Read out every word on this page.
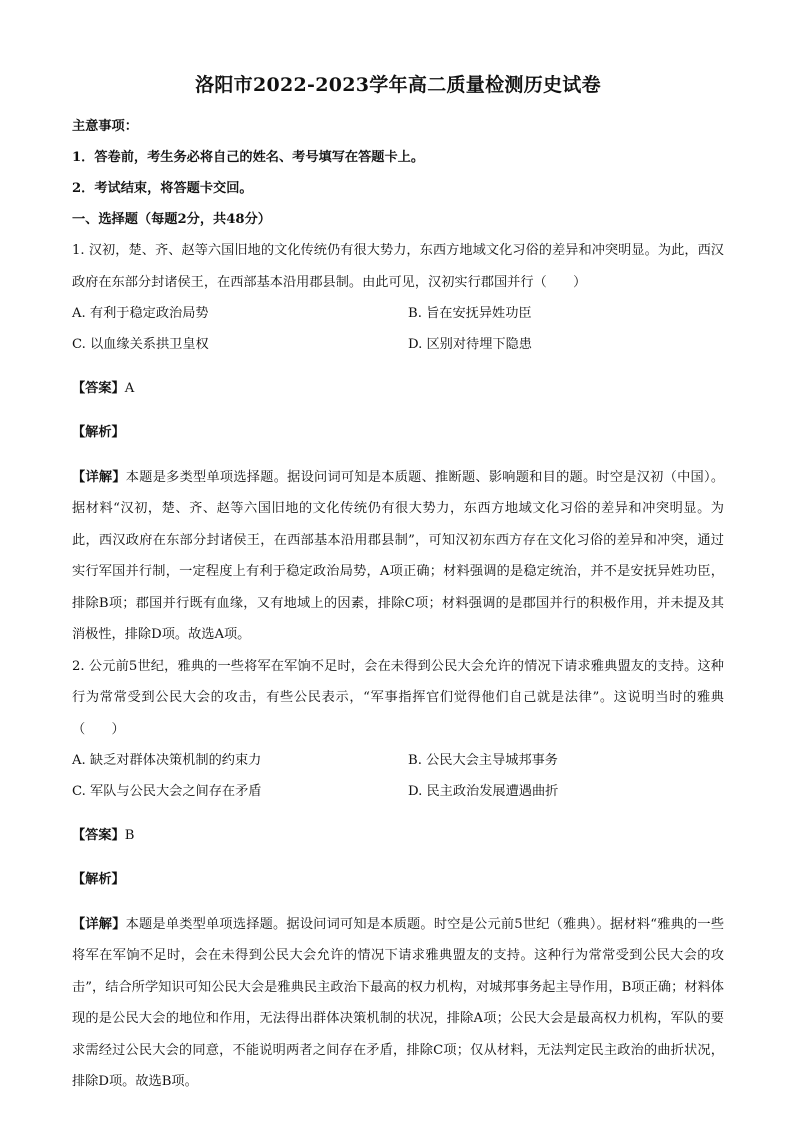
洛阳市2022-2023学年高二质量检测历史试卷

主意事项：

1．答卷前，考生务必将自己的姓名、考号填写在答题卡上。

2．考试结束，将答题卡交回。

一、选择题（每题2分，共48分）

1. 汉初，楚、齐、赵等六国旧地的文化传统仍有很大势力，东西方地域文化习俗的差异和冲突明显。为此，西汉政府在东部分封诸侯王，在西部基本沿用郡县制。由此可见，汉初实行郡国并行（　　）

A. 有利于稳定政治局势	B. 旨在安抚异姓功臣
C. 以血缘关系拱卫皇权	D. 区别对待埋下隐患

【答案】A

【解析】

【详解】本题是多类型单项选择题。据设问词可知是本质题、推断题、影响题和目的题。时空是汉初（中国）。据材料“汉初，楚、齐、赵等六国旧地的文化传统仍有很大势力，东西方地域文化习俗的差异和冲突明显。为此，西汉政府在东部分封诸侯王，在西部基本沿用郡县制”，可知汉初东西方存在文化习俗的差异和冲突，通过实行军国并行制，一定程度上有利于稳定政治局势，A项正确；材料强调的是稳定统治，并不是安抚异姓功臣，排除B项；郡国并行既有血缘，又有地域上的因素，排除C项；材料强调的是郡国并行的积极作用，并未提及其消极性，排除D项。故选A项。

2. 公元前5世纪，雅典的一些将军在军饷不足时，会在未得到公民大会允许的情况下请求雅典盟友的支持。这种行为常常受到公民大会的攻击，有些公民表示，“军事指挥官们觉得他们自己就是法律”。这说明当时的雅典（　　）

A. 缺乏对群体决策机制的约束力	B. 公民大会主导城邦事务
C. 军队与公民大会之间存在矛盾	D. 民主政治发展遭遇曲折

【答案】B

【解析】

【详解】本题是单类型单项选择题。据设问词可知是本质题。时空是公元前5世纪（雅典）。据材料“雅典的一些将军在军饷不足时，会在未得到公民大会允许的情况下请求雅典盟友的支持。这种行为常常受到公民大会的攻击”，结合所学知识可知公民大会是雅典民主政治下最高的权力机构，对城邦事务起主导作用，B项正确；材料体现的是公民大会的地位和作用，无法得出群体决策机制的状况，排除A项；公民大会是最高权力机构，军队的要求需经过公民大会的同意，不能说明两者之间存在矛盾，排除C项；仅从材料，无法判定民主政治的曲折状况，排除D项。故选B项。
